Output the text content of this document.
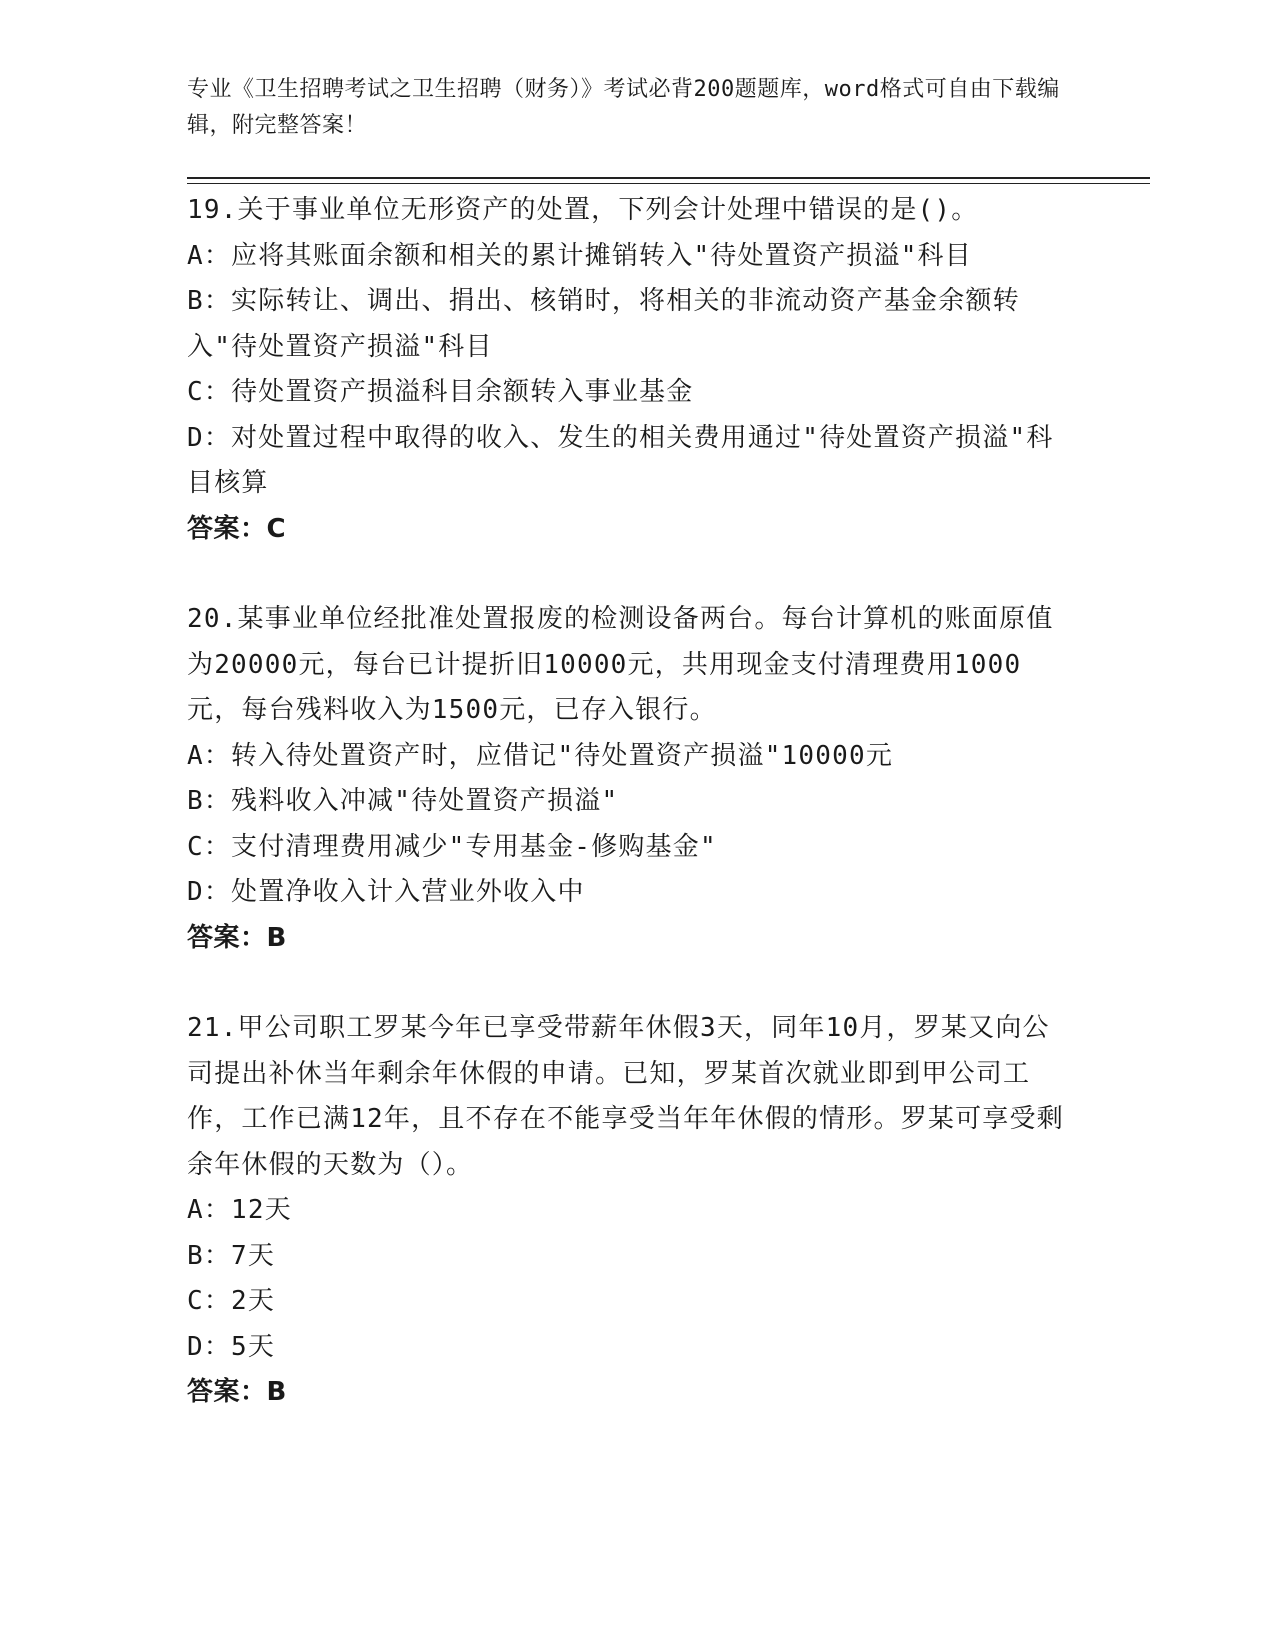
专业《卫生招聘考试之卫生招聘（财务）》考试必背200题题库，word格式可自由下载编辑，附完整答案！

19.关于事业单位无形资产的处置，下列会计处理中错误的是()。

A：应将其账面余额和相关的累计摊销转入"待处置资产损溢"科目

B：实际转让、调出、捐出、核销时，将相关的非流动资产基金余额转入"待处置资产损溢"科目

C：待处置资产损溢科目余额转入事业基金

D：对处置过程中取得的收入、发生的相关费用通过"待处置资产损溢"科目核算

答案：C

20.某事业单位经批准处置报废的检测设备两台。每台计算机的账面原值为20000元，每台已计提折旧10000元，共用现金支付清理费用1000元，每台残料收入为1500元，已存入银行。

A：转入待处置资产时，应借记"待处置资产损溢"10000元

B：残料收入冲减"待处置资产损溢"

C：支付清理费用减少"专用基金-修购基金"

D：处置净收入计入营业外收入中

答案：B

21.甲公司职工罗某今年已享受带薪年休假3天，同年10月，罗某又向公司提出补休当年剩余年休假的申请。已知，罗某首次就业即到甲公司工作，工作已满12年，且不存在不能享受当年年休假的情形。罗某可享受剩余年休假的天数为（）。

A：12天

B：7天

C：2天

D：5天

答案：B
